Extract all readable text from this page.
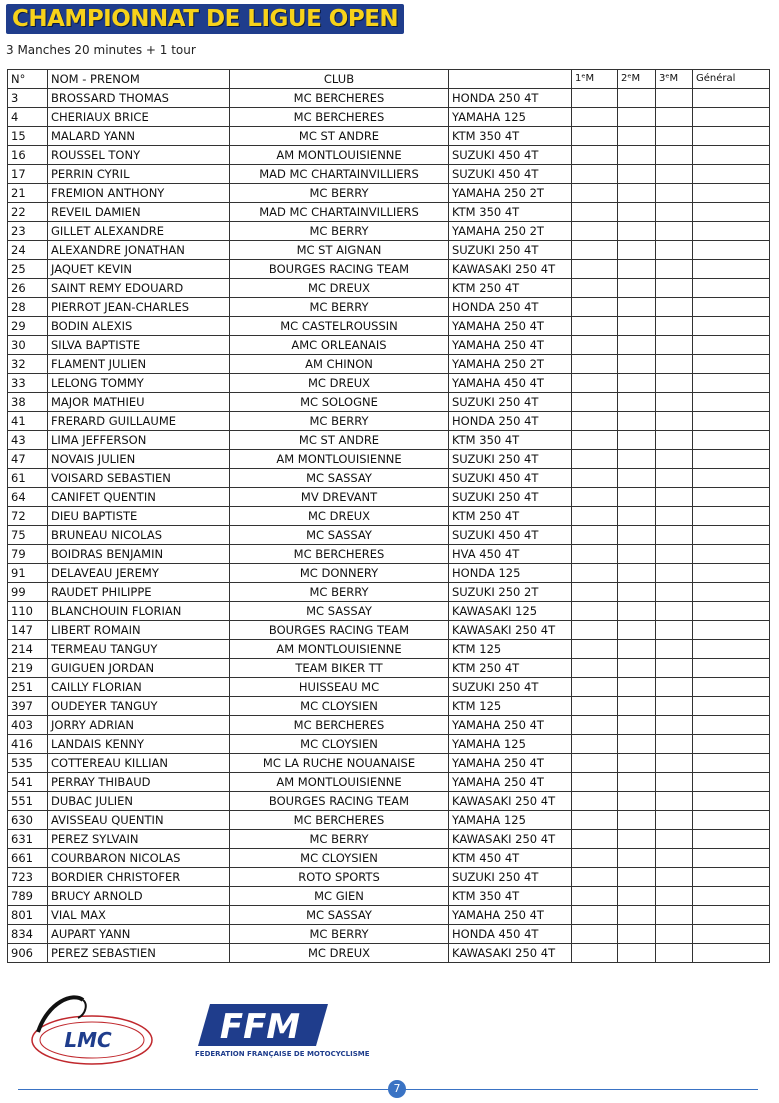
CHAMPIONNAT DE LIGUE OPEN
3 Manches 20 minutes + 1 tour
N°	NOM - PRENOM	CLUB		1ᵉM	2ᵉM	3ᵉM	Général
3	BROSSARD THOMAS	MC BERCHERES	HONDA 250 4T				
4	CHERIAUX BRICE	MC BERCHERES	YAMAHA 125				
15	MALARD YANN	MC ST ANDRE	KTM 350 4T				
16	ROUSSEL TONY	AM MONTLOUISIENNE	SUZUKI 450 4T				
17	PERRIN CYRIL	MAD MC CHARTAINVILLIERS	SUZUKI 450 4T				
21	FREMION ANTHONY	MC BERRY	YAMAHA 250 2T				
22	REVEIL DAMIEN	MAD MC CHARTAINVILLIERS	KTM 350 4T				
23	GILLET ALEXANDRE	MC BERRY	YAMAHA 250 2T				
24	ALEXANDRE JONATHAN	MC ST AIGNAN	SUZUKI 250 4T				
25	JAQUET KEVIN	BOURGES RACING TEAM	KAWASAKI 250 4T				
26	SAINT REMY EDOUARD	MC DREUX	KTM 250 4T				
28	PIERROT JEAN-CHARLES	MC BERRY	HONDA 250 4T				
29	BODIN ALEXIS	MC CASTELROUSSIN	YAMAHA 250 4T				
30	SILVA BAPTISTE	AMC ORLEANAIS	YAMAHA 250 4T				
32	FLAMENT JULIEN	AM CHINON	YAMAHA 250 2T				
33	LELONG TOMMY	MC DREUX	YAMAHA 450 4T				
38	MAJOR MATHIEU	MC SOLOGNE	SUZUKI 250 4T				
41	FRERARD GUILLAUME	MC BERRY	HONDA 250 4T				
43	LIMA JEFFERSON	MC ST ANDRE	KTM 350 4T				
47	NOVAIS JULIEN	AM MONTLOUISIENNE	SUZUKI 250 4T				
61	VOISARD SEBASTIEN	MC SASSAY	SUZUKI 450 4T				
64	CANIFET QUENTIN	MV DREVANT	SUZUKI 250 4T				
72	DIEU BAPTISTE	MC DREUX	KTM 250 4T				
75	BRUNEAU NICOLAS	MC SASSAY	SUZUKI 450 4T				
79	BOIDRAS BENJAMIN	MC BERCHERES	HVA 450 4T				
91	DELAVEAU JEREMY	MC DONNERY	HONDA 125				
99	RAUDET PHILIPPE	MC BERRY	SUZUKI 250 2T				
110	BLANCHOUIN FLORIAN	MC SASSAY	KAWASAKI 125				
147	LIBERT ROMAIN	BOURGES RACING TEAM	KAWASAKI 250 4T				
214	TERMEAU TANGUY	AM MONTLOUISIENNE	KTM 125				
219	GUIGUEN JORDAN	TEAM BIKER TT	KTM 250 4T				
251	CAILLY FLORIAN	HUISSEAU MC	SUZUKI 250 4T				
397	OUDEYER TANGUY	MC CLOYSIEN	KTM 125				
403	JORRY ADRIAN	MC BERCHERES	YAMAHA 250 4T				
416	LANDAIS KENNY	MC CLOYSIEN	YAMAHA 125				
535	COTTEREAU KILLIAN	MC LA RUCHE NOUANAISE	YAMAHA 250 4T				
541	PERRAY THIBAUD	AM MONTLOUISIENNE	YAMAHA 250 4T				
551	DUBAC JULIEN	BOURGES RACING TEAM	KAWASAKI 250 4T				
630	AVISSEAU QUENTIN	MC BERCHERES	YAMAHA 125				
631	PEREZ SYLVAIN	MC BERRY	KAWASAKI 250 4T				
661	COURBARON NICOLAS	MC CLOYSIEN	KTM 450 4T				
723	BORDIER CHRISTOFER	ROTO SPORTS	SUZUKI 250 4T				
789	BRUCY ARNOLD	MC GIEN	KTM 350 4T				
801	VIAL MAX	MC SASSAY	YAMAHA 250 4T				
834	AUPART YANN	MC BERRY	HONDA 450 4T				
906	PEREZ SEBASTIEN	MC DREUX	KAWASAKI 250 4T				
LMC	FFM
FEDERATION FRANÇAISE DE MOTOCYCLISME
7
